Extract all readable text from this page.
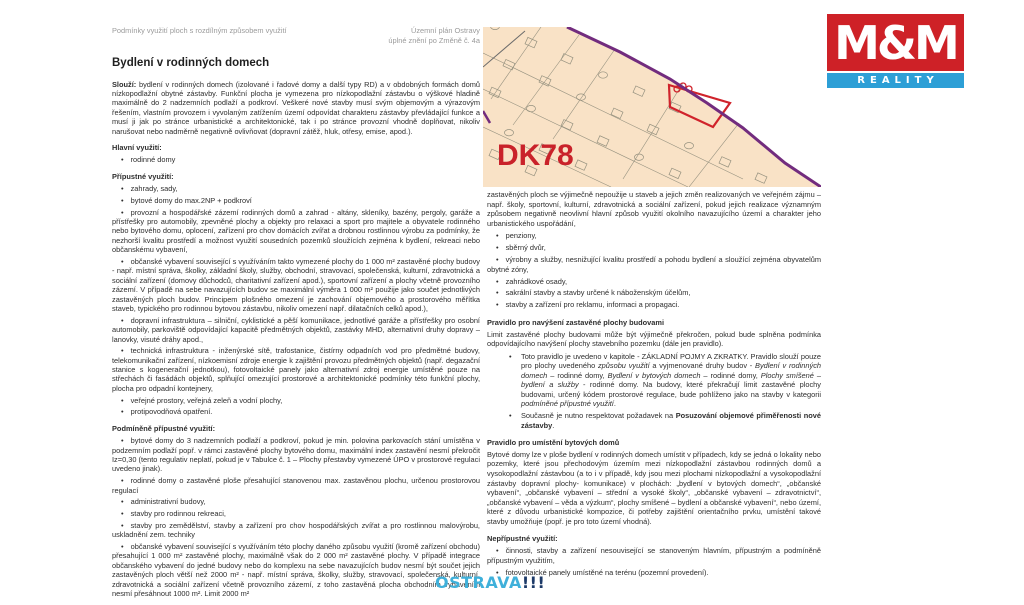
Podmínky využití ploch s rozdílným způsobem využití	Územní plán Ostravy
úplné znění po Změně č. 4a
Bydlení v rodinných domech

Slouží: bydlení v rodinných domech (izolované i řadové domy a další typy RD) a v obdobných formách domů nízkopodlažní obytné zástavby. Funkční plocha je vymezena pro nízkopodlažní zástavbu o výškové hladině maximálně do 2 nadzemních podlaží a podkroví. Veškeré nové stavby musí svým objemovým a výrazovým řešením, vlastním provozem i vyvolaným zatížením území odpovídat charakteru zástavby převládající funkce a musí ji jak po stránce urbanistické a architektonické, tak i po stránce provozní vhodně doplňovat, nikoliv narušovat nebo nadměrně negativně ovlivňovat (dopravní zátěž, hluk, otřesy, emise, apod.).

Hlavní využití:

• rodinné domy

Přípustné využití:

• zahrady, sady,

• bytové domy do max.2NP + podkroví

• provozní a hospodářské zázemí rodinných domů a zahrad - altány, skleníky, bazény, pergoly, garáže a přístřešky pro automobily, zpevněné plochy a objekty pro relaxaci a sport pro majitele a obyvatele rodinného nebo bytového domu, oplocení, zařízení pro chov domácích zvířat a drobnou rostlinnou výrobu za podmínky, že nezhorší kvalitu prostředí a možnost využití sousedních pozemků sloužících zejména k bydlení, rekreaci nebo občanskému vybavení,

• občanské vybavení související s využíváním takto vymezené plochy do 1 000 m² zastavěné plochy budovy - např. místní správa, školky, základní školy, služby, obchodní, stravovací, společenská, kulturní, zdravotnická a sociální zařízení (domovy důchodců, charitativní zařízení apod.), sportovní zařízení a plochy včetně provozního zázemí. V případě na sebe navazujících budov se maximální výměra 1 000 m² použije jako součet jednotlivých zastavěných ploch budov. Principem plošného omezení je zachování objemového a prostorového měřítka staveb, typického pro rodinnou bytovou zástavbu, nikoliv omezení např. dilatačních celků apod.),

• dopravní infrastruktura – silniční, cyklistické a pěší komunikace, jednotlivé garáže a přístřešky pro osobní automobily, parkoviště odpovídající kapacitě předmětných objektů, zastávky MHD, alternativní druhy dopravy – lanovky, visuté dráhy apod.,

• technická infrastruktura - inženýrské sítě, trafostanice, čistírny odpadních vod pro předmětné budovy, telekomunikační zařízení, nízkoemisní zdroje energie k zajištění provozu předmětných objektů (např. degazační stanice s kogenerační jednotkou), fotovoltaické panely jako alternativní zdroj energie umístěné pouze na střechách či fasádách objektů, splňující omezující prostorové a architektonické podmínky této funkční plochy, plocha pro odpadní kontejnery,

• veřejné prostory, veřejná zeleň a vodní plochy,

• protipovodňová opatření.

Podmíněně přípustné využití:

• bytové domy do 3 nadzemních podlaží a podkroví, pokud je min. polovina parkovacích stání umístěna v podzemním podlaží popř. v rámci zastavěné plochy bytového domu, maximální index zastavění nesmí překročit Iz=0,30 (tento regulativ neplatí, pokud je v Tabulce č. 1 – Plochy přestavby vymezené ÚPO v prostorové regulaci uvedeno jinak).

• rodinné domy o zastavěné ploše přesahující stanovenou max. zastavěnou plochu, určenou prostorovou regulací

• administrativní budovy,

• stavby pro rodinnou rekreaci,

• stavby pro zemědělství, stavby a zařízení pro chov hospodářských zvířat a pro rostlinnou malovýrobu, uskladnění zem. techniky

• občanské vybavení související s využíváním této plochy daného způsobu využití (kromě zařízení obchodu) přesahující 1 000 m² zastavěné plochy, maximálně však do 2 000 m² zastavěné plochy. V případě integrace občanského vybavení do jedné budovy nebo do komplexu na sebe navazujících budov nesmí být součet jejich zastavěných ploch větší než 2000 m² - např. místní správa, školky, služby, stravovací, společenská, kulturní, zdravotnická a sociální zařízení včetně provozního zázemí, z toho zastavěná plocha obchodním vybavením nesmí přesáhnout 1000 m². Limit 2000 m²

DK78

zastavěných ploch se výjimečně nepoužije u staveb a jejich změn realizovaných ve veřejném zájmu – např. školy, sportovní, kulturní, zdravotnická a sociální zařízení, pokud jejich realizace významným způsobem negativně neovlivní hlavní způsob využití okolního navazujícího území a charakter jeho urbanistického uspořádání,

• penziony,

• sběrný dvůr,

• výrobny a služby, nesnižující kvalitu prostředí a pohodu bydlení a sloužící zejména obyvatelům obytné zóny,

• zahrádkové osady,

• sakrální stavby a stavby určené k náboženským účelům,

• stavby a zařízení pro reklamu, informaci a propagaci.

Pravidlo pro navýšení zastavěné plochy budovami

Limit zastavěné plochy budovami může být výjimečně překročen, pokud bude splněna podmínka odpovídajícího navýšení plochy stavebního pozemku (dále jen pravidlo).

• Toto pravidlo je uvedeno v kapitole - ZÁKLADNÍ POJMY A ZKRATKY. Pravidlo slouží pouze pro plochy uvedeného způsobu využití a vyjmenované druhy budov - Bydlení v rodinných domech – rodinné domy, Bydlení v bytových domech – rodinné domy, Plochy smíšené – bydlení a služby - rodinné domy. Na budovy, které překračují limit zastavěné plochy budovami, určený kódem prostorové regulace, bude pohlíženo jako na stavby v kategorii podmíněné přípustné využití.

• Současně je nutno respektovat požadavek na Posuzování objemové přiměřenosti nové zástavby.

Pravidlo pro umístění bytových domů

Bytové domy lze v ploše bydlení v rodinných domech umístit v případech, kdy se jedná o lokality nebo pozemky, které jsou přechodovým územím mezi nízkopodlažní zástavbou rodinných domů a vysokopodlažní zástavbou (a to i v případě, kdy jsou mezi plochami nízkopodlažní a vysokopodlažní zástavby dopravní plochy- komunikace) v plochách: „bydlení v bytových domech“, „občanské vybavení“, „občanské vybavení – střední a vysoké školy“, „občanské vybavení – zdravotnictví“, „občanské vybavení – věda a výzkum“, plochy smíšené – bydlení a občanské vybavení“, nebo území, které z důvodu urbanistické kompozice, či potřeby zajištění orientačního prvku, umístění takové stavby umožňuje (popř. je pro toto území vhodná).

Nepřípustné využití:

• činnosti, stavby a zařízení nesouvisející se stanoveným hlavním, přípustným a podmíněně přípustným využitím,

• fotovoltaické panely umístěné na terénu (pozemní provedení).

M&M
REALITY
OSTRAVA!!!
